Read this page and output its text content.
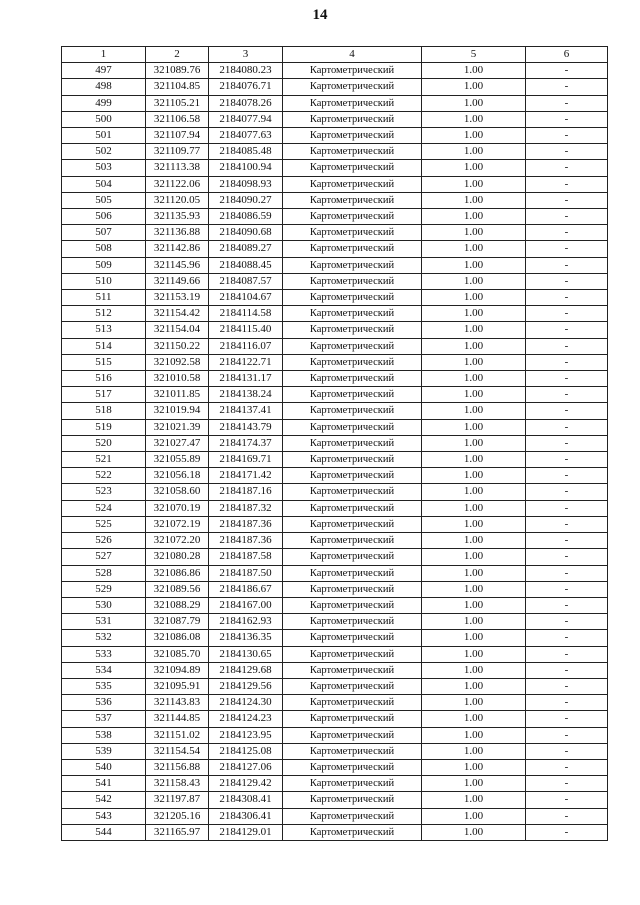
14
1	2	3	4	5	6
497	321089.76	2184080.23	Картометрический	1.00	-
498	321104.85	2184076.71	Картометрический	1.00	-
499	321105.21	2184078.26	Картометрический	1.00	-
500	321106.58	2184077.94	Картометрический	1.00	-
501	321107.94	2184077.63	Картометрический	1.00	-
502	321109.77	2184085.48	Картометрический	1.00	-
503	321113.38	2184100.94	Картометрический	1.00	-
504	321122.06	2184098.93	Картометрический	1.00	-
505	321120.05	2184090.27	Картометрический	1.00	-
506	321135.93	2184086.59	Картометрический	1.00	-
507	321136.88	2184090.68	Картометрический	1.00	-
508	321142.86	2184089.27	Картометрический	1.00	-
509	321145.96	2184088.45	Картометрический	1.00	-
510	321149.66	2184087.57	Картометрический	1.00	-
511	321153.19	2184104.67	Картометрический	1.00	-
512	321154.42	2184114.58	Картометрический	1.00	-
513	321154.04	2184115.40	Картометрический	1.00	-
514	321150.22	2184116.07	Картометрический	1.00	-
515	321092.58	2184122.71	Картометрический	1.00	-
516	321010.58	2184131.17	Картометрический	1.00	-
517	321011.85	2184138.24	Картометрический	1.00	-
518	321019.94	2184137.41	Картометрический	1.00	-
519	321021.39	2184143.79	Картометрический	1.00	-
520	321027.47	2184174.37	Картометрический	1.00	-
521	321055.89	2184169.71	Картометрический	1.00	-
522	321056.18	2184171.42	Картометрический	1.00	-
523	321058.60	2184187.16	Картометрический	1.00	-
524	321070.19	2184187.32	Картометрический	1.00	-
525	321072.19	2184187.36	Картометрический	1.00	-
526	321072.20	2184187.36	Картометрический	1.00	-
527	321080.28	2184187.58	Картометрический	1.00	-
528	321086.86	2184187.50	Картометрический	1.00	-
529	321089.56	2184186.67	Картометрический	1.00	-
530	321088.29	2184167.00	Картометрический	1.00	-
531	321087.79	2184162.93	Картометрический	1.00	-
532	321086.08	2184136.35	Картометрический	1.00	-
533	321085.70	2184130.65	Картометрический	1.00	-
534	321094.89	2184129.68	Картометрический	1.00	-
535	321095.91	2184129.56	Картометрический	1.00	-
536	321143.83	2184124.30	Картометрический	1.00	-
537	321144.85	2184124.23	Картометрический	1.00	-
538	321151.02	2184123.95	Картометрический	1.00	-
539	321154.54	2184125.08	Картометрический	1.00	-
540	321156.88	2184127.06	Картометрический	1.00	-
541	321158.43	2184129.42	Картометрический	1.00	-
542	321197.87	2184308.41	Картометрический	1.00	-
543	321205.16	2184306.41	Картометрический	1.00	-
544	321165.97	2184129.01	Картометрический	1.00	-
